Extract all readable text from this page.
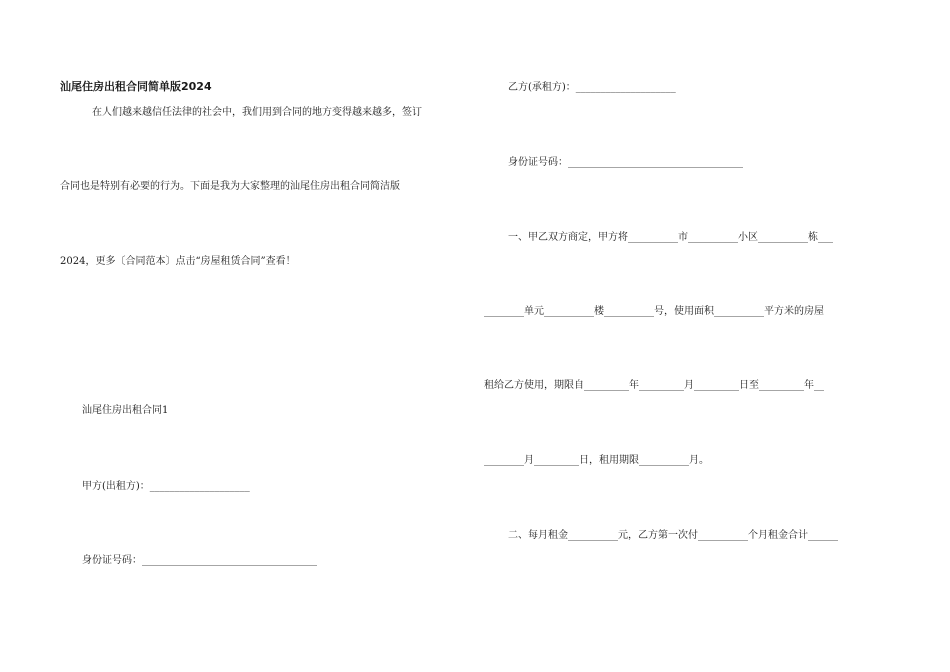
汕尾住房出租合同简单版2024
在人们越来越信任法律的社会中，我们用到合同的地方变得越来越多，签订
合同也是特别有必要的行为。下面是我为大家整理的汕尾住房出租合同简洁版
2024，更多〔合同范本〕点击“房屋租赁合同”查看！
汕尾住房出租合同1
甲方(出租方)：____________________
身份证号码：___________________________________
乙方(承租方)：____________________
身份证号码：___________________________________
一、甲乙双方商定，甲方将__________市__________小区__________栋___
________单元__________楼__________号，使用面积__________平方米的房屋
租给乙方使用，期限自_________年_________月_________日至_________年__
________月_________日，租用期限__________月。
二、每月租金__________元，乙方第一次付__________个月租金合计______
